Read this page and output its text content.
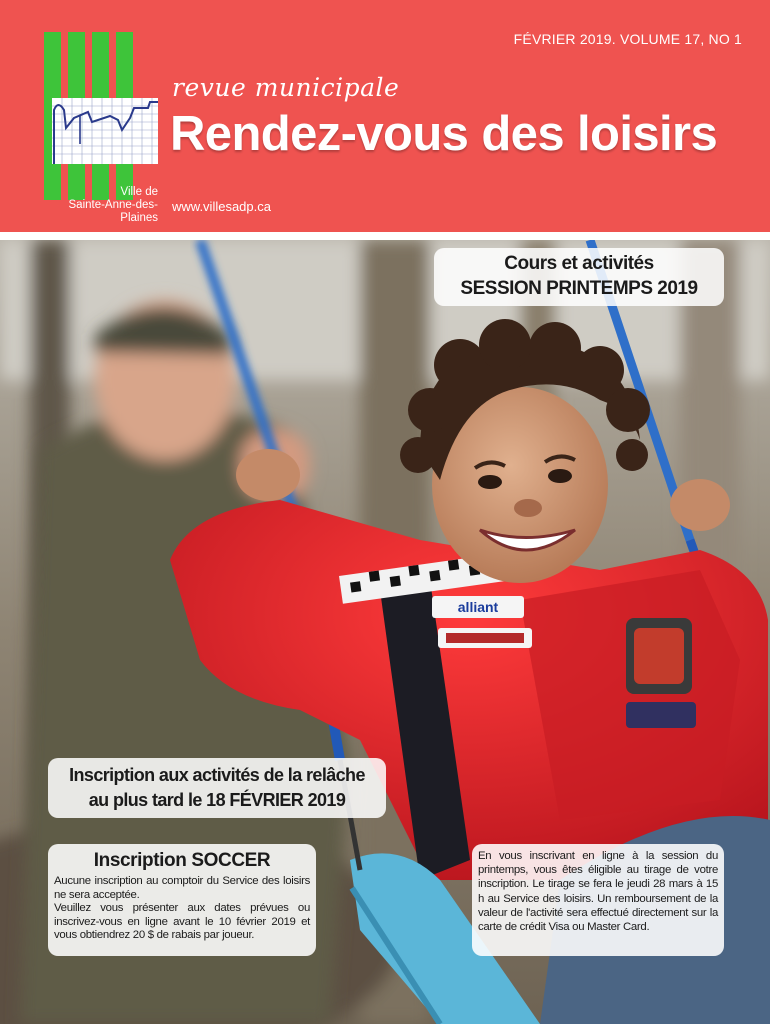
FÉVRIER 2019. VOLUME 17, NO 1
revue municipale
Rendez-vous des loisirs
Ville de
Sainte-Anne-des-Plaines
www.villesadp.ca
alliant
Cours et activités
SESSION PRINTEMPS 2019
Inscription aux activités de la relâche
au plus tard le 18 FÉVRIER 2019
Inscription SOCCER

Aucune inscription au comptoir du Service des loisirs ne sera acceptée.

Veuillez vous présenter aux dates prévues ou inscrivez-vous en ligne avant le 10 février 2019 et vous obtiendrez 20 $ de rabais par joueur.

En vous inscrivant en ligne à la session du printemps, vous êtes éligible au tirage de votre inscription. Le tirage se fera le jeudi 28 mars à 15 h au Service des loisirs. Un remboursement de la valeur de l'activité sera effectué directement sur la carte de crédit Visa ou Master Card.
